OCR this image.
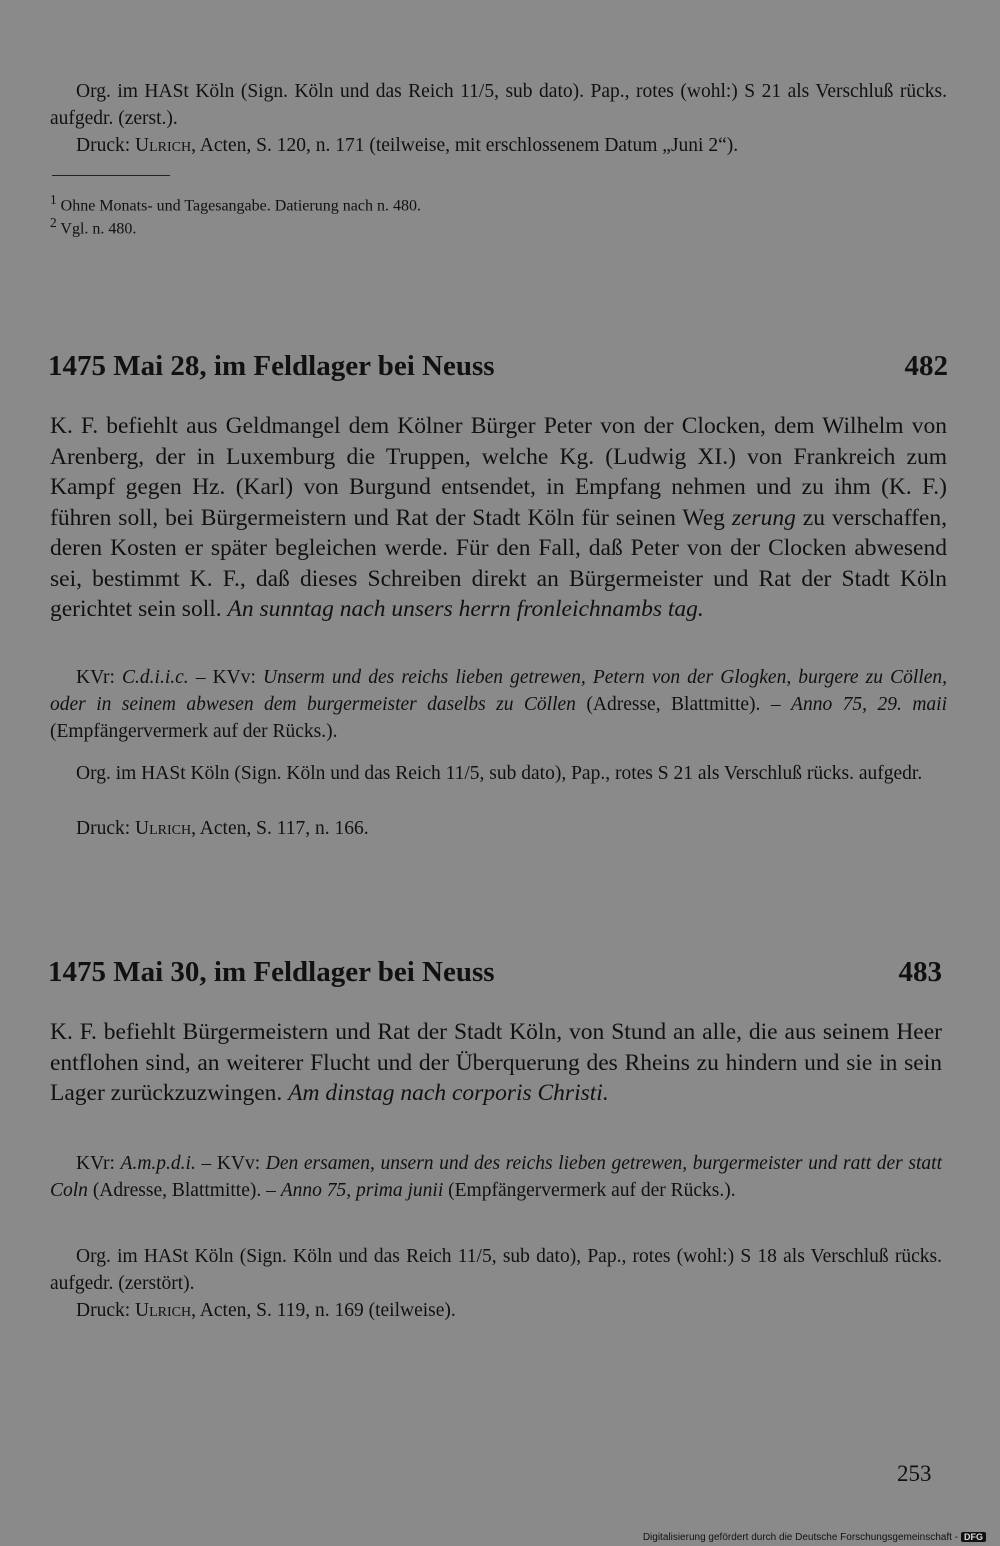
Org. im HASt Köln (Sign. Köln und das Reich 11/5, sub dato). Pap., rotes (wohl:) S 21 als Verschluß rücks. aufgedr. (zerst.).

Druck: Ulrich, Acten, S. 120, n. 171 (teilweise, mit erschlossenem Datum „Juni 2“).

$^1$ Ohne Monats- und Tagesangabe. Datierung nach n. 480.

$^2$ Vgl. n. 480.

1475 Mai 28, im Feldlager bei Neuss	482

K. F. befiehlt aus Geldmangel dem Kölner Bürger Peter von der Clocken, dem Wilhelm von Arenberg, der in Luxemburg die Truppen, welche Kg. (Ludwig XI.) von Frankreich zum Kampf gegen Hz. (Karl) von Burgund entsendet, in Empfang nehmen und zu ihm (K. F.) führen soll, bei Bürgermeistern und Rat der Stadt Köln für seinen Weg zerung zu verschaffen, deren Kosten er später begleichen werde. Für den Fall, daß Peter von der Clocken abwesend sei, bestimmt K. F., daß dieses Schreiben direkt an Bürgermeister und Rat der Stadt Köln gerichtet sein soll. An sunntag nach unsers herrn fronleichnambs tag.

KVr: C.d.i.i.c. – KVv: Unserm und des reichs lieben getrewen, Petern von der Glogken, burgere zu Cöllen, oder in seinem abwesen dem burgermeister daselbs zu Cöllen (Adresse, Blattmitte). – Anno 75, 29. maii (Empfängervermerk auf der Rücks.).

Org. im HASt Köln (Sign. Köln und das Reich 11/5, sub dato), Pap., rotes S 21 als Verschluß rücks. aufgedr.

Druck: Ulrich, Acten, S. 117, n. 166.

1475 Mai 30, im Feldlager bei Neuss	483

K. F. befiehlt Bürgermeistern und Rat der Stadt Köln, von Stund an alle, die aus seinem Heer entflohen sind, an weiterer Flucht und der Überquerung des Rheins zu hindern und sie in sein Lager zurückzuzwingen. Am dinstag nach corporis Christi.

KVr: A.m.p.d.i. – KVv: Den ersamen, unsern und des reichs lieben getrewen, burgermeister und ratt der statt Coln (Adresse, Blattmitte). – Anno 75, prima junii (Empfängervermerk auf der Rücks.).

Org. im HASt Köln (Sign. Köln und das Reich 11/5, sub dato), Pap., rotes (wohl:) S 18 als Verschluß rücks. aufgedr. (zerstört).

Druck: Ulrich, Acten, S. 119, n. 169 (teilweise).

253
Digitalisierung gefördert durch die Deutsche Forschungsgemeinschaft - DFG
